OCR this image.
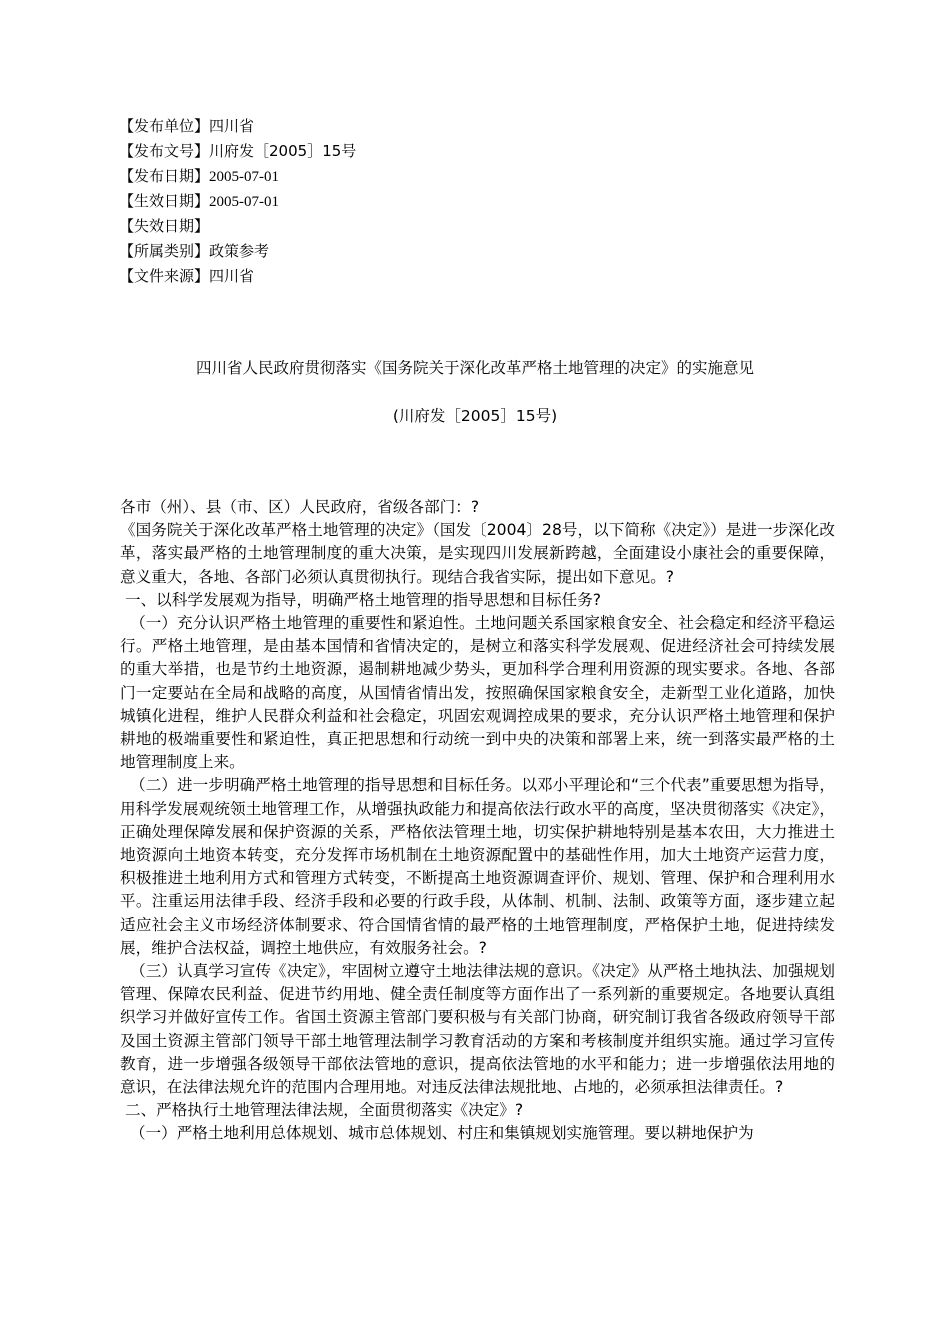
【发布单位】四川省
【发布文号】川府发［2005］15号
【发布日期】2005-07-01
【生效日期】2005-07-01
【失效日期】
【所属类别】政策参考
【文件来源】四川省
四川省人民政府贯彻落实《国务院关于深化改革严格土地管理的决定》的实施意见
(川府发［2005］15号)

各市（州）、县（市、区）人民政府，省级各部门：?

《国务院关于深化改革严格土地管理的决定》（国发〔2004〕28号，以下简称《决定》）是进一步深化改革，落实最严格的土地管理制度的重大决策，是实现四川发展新跨越，全面建设小康社会的重要保障，意义重大，各地、各部门必须认真贯彻执行。现结合我省实际，提出如下意见。?

一、以科学发展观为指导，明确严格土地管理的指导思想和目标任务?

（一）充分认识严格土地管理的重要性和紧迫性。土地问题关系国家粮食安全、社会稳定和经济平稳运行。严格土地管理，是由基本国情和省情决定的，是树立和落实科学发展观、促进经济社会可持续发展的重大举措，也是节约土地资源，遏制耕地减少势头，更加科学合理利用资源的现实要求。各地、各部门一定要站在全局和战略的高度，从国情省情出发，按照确保国家粮食安全，走新型工业化道路，加快城镇化进程，维护人民群众利益和社会稳定，巩固宏观调控成果的要求，充分认识严格土地管理和保护耕地的极端重要性和紧迫性，真正把思想和行动统一到中央的决策和部署上来，统一到落实最严格的土地管理制度上来。

（二）进一步明确严格土地管理的指导思想和目标任务。以邓小平理论和“三个代表”重要思想为指导，用科学发展观统领土地管理工作，从增强执政能力和提高依法行政水平的高度，坚决贯彻落实《决定》，正确处理保障发展和保护资源的关系，严格依法管理土地，切实保护耕地特别是基本农田，大力推进土地资源向土地资本转变，充分发挥市场机制在土地资源配置中的基础性作用，加大土地资产运营力度，积极推进土地利用方式和管理方式转变，不断提高土地资源调查评价、规划、管理、保护和合理利用水平。注重运用法律手段、经济手段和必要的行政手段，从体制、机制、法制、政策等方面，逐步建立起适应社会主义市场经济体制要求、符合国情省情的最严格的土地管理制度，严格保护土地，促进持续发展，维护合法权益，调控土地供应，有效服务社会。?

（三）认真学习宣传《决定》，牢固树立遵守土地法律法规的意识。《决定》从严格土地执法、加强规划管理、保障农民利益、促进节约用地、健全责任制度等方面作出了一系列新的重要规定。各地要认真组织学习并做好宣传工作。省国土资源主管部门要积极与有关部门协商，研究制订我省各级政府领导干部及国土资源主管部门领导干部土地管理法制学习教育活动的方案和考核制度并组织实施。通过学习宣传教育，进一步增强各级领导干部依法管地的意识，提高依法管地的水平和能力；进一步增强依法用地的意识，在法律法规允许的范围内合理用地。对违反法律法规批地、占地的，必须承担法律责任。?

二、严格执行土地管理法律法规，全面贯彻落实《决定》?

（一）严格土地利用总体规划、城市总体规划、村庄和集镇规划实施管理。要以耕地保护为
